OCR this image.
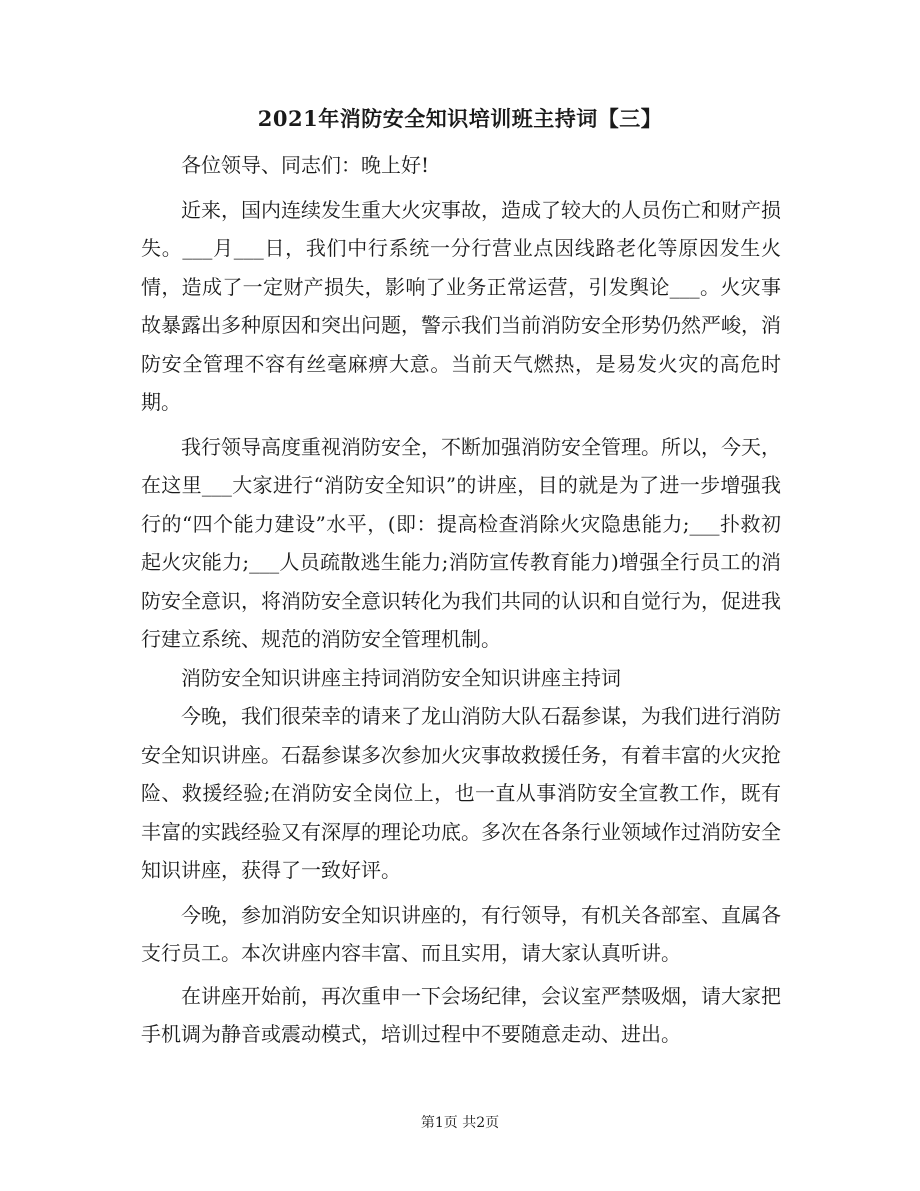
2021年消防安全知识培训班主持词【三】

各位领导、同志们：晚上好!

近来，国内连续发生重大火灾事故，造成了较大的人员伤亡和财产损失。___月___日，我们中行系统一分行营业点因线路老化等原因发生火情，造成了一定财产损失，影响了业务正常运营，引发舆论___。火灾事故暴露出多种原因和突出问题，警示我们当前消防安全形势仍然严峻，消防安全管理不容有丝毫麻痹大意。当前天气燃热，是易发火灾的高危时期。

我行领导高度重视消防安全，不断加强消防安全管理。所以，今天，在这里___大家进行“消防安全知识”的讲座，目的就是为了进一步增强我行的“四个能力建设”水平，(即：提高检查消除火灾隐患能力;___扑救初起火灾能力;___人员疏散逃生能力;消防宣传教育能力)增强全行员工的消防安全意识，将消防安全意识转化为我们共同的认识和自觉行为，促进我行建立系统、规范的消防安全管理机制。

消防安全知识讲座主持词消防安全知识讲座主持词

今晚，我们很荣幸的请来了龙山消防大队石磊参谋，为我们进行消防安全知识讲座。石磊参谋多次参加火灾事故救援任务，有着丰富的火灾抢险、救援经验;在消防安全岗位上，也一直从事消防安全宣教工作，既有丰富的实践经验又有深厚的理论功底。多次在各条行业领域作过消防安全知识讲座，获得了一致好评。

今晚，参加消防安全知识讲座的，有行领导，有机关各部室、直属各支行员工。本次讲座内容丰富、而且实用，请大家认真听讲。

在讲座开始前，再次重申一下会场纪律，会议室严禁吸烟，请大家把手机调为静音或震动模式，培训过程中不要随意走动、进出。

第1页 共2页
